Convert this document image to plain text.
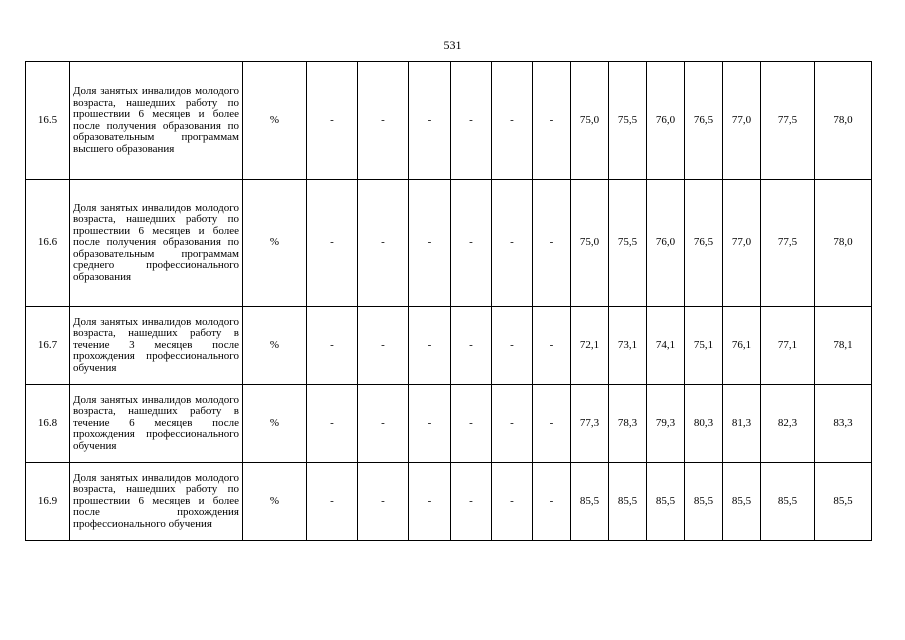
531
16.5	Доля занятых инвалидов молодого возраста, нашедших работу по прошествии 6 месяцев и более после получения образования по образовательным программам высшего образования	%	-	-	-	-	-	-	75,0	75,5	76,0	76,5	77,0	77,5	78,0
16.6	Доля занятых инвалидов молодого возраста, нашедших работу по прошествии 6 месяцев и более после получения образования по образовательным программам среднего профессионального образования	%	-	-	-	-	-	-	75,0	75,5	76,0	76,5	77,0	77,5	78,0
16.7	Доля занятых инвалидов молодого возраста, нашедших работу в течение 3 месяцев после прохождения профессионального обучения	%	-	-	-	-	-	-	72,1	73,1	74,1	75,1	76,1	77,1	78,1
16.8	Доля занятых инвалидов молодого возраста, нашедших работу в течение 6 месяцев после прохождения профессионального обучения	%	-	-	-	-	-	-	77,3	78,3	79,3	80,3	81,3	82,3	83,3
16.9	Доля занятых инвалидов молодого возраста, нашедших работу по прошествии 6 месяцев и более после прохождения профессионального обучения	%	-	-	-	-	-	-	85,5	85,5	85,5	85,5	85,5	85,5	85,5
